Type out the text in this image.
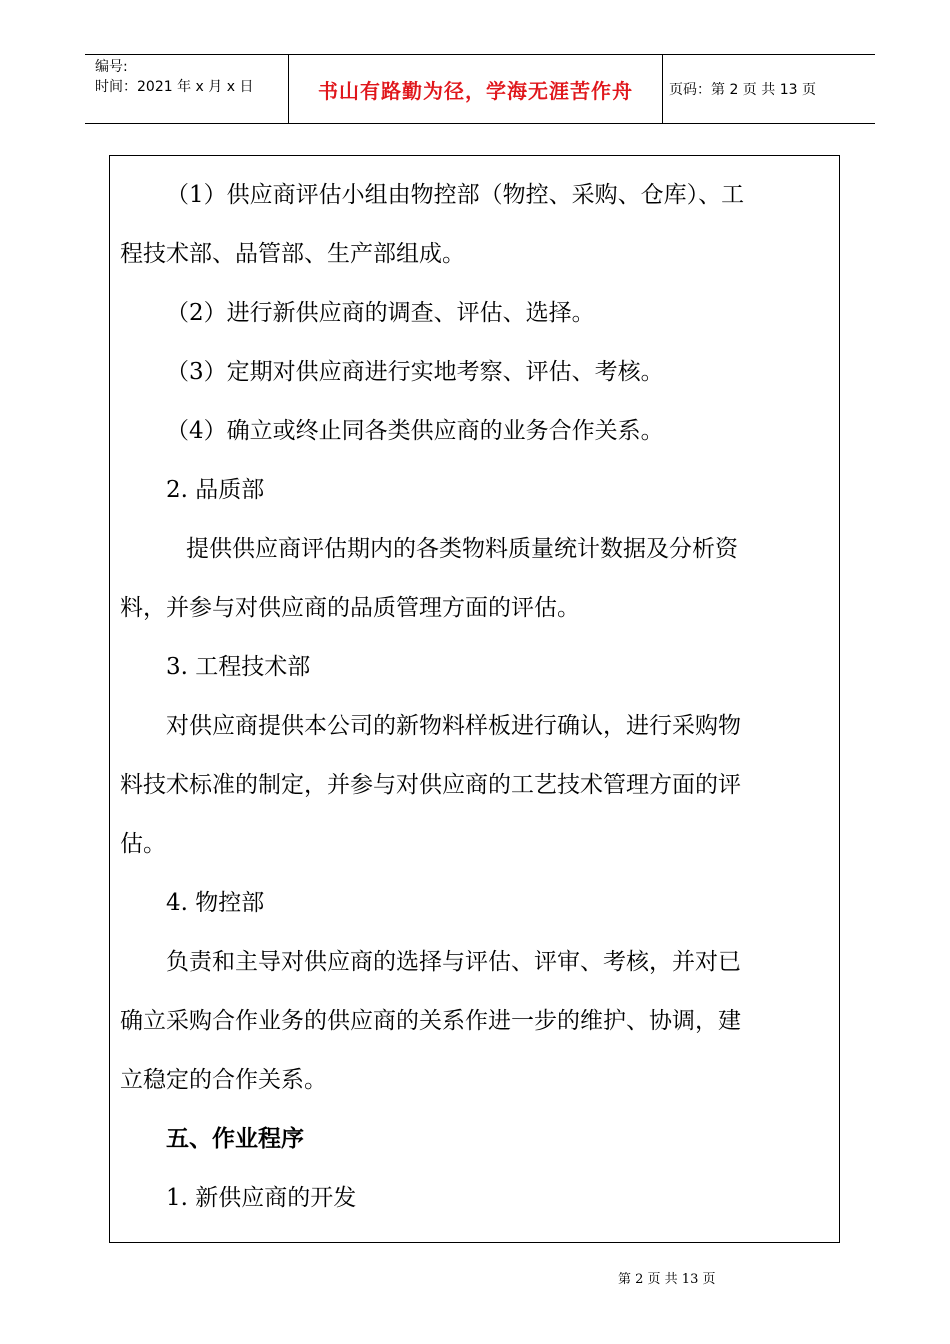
编号:
时间：2021 年 x 月 x 日	书山有路勤为径，学海无涯苦作舟	页码：第 2 页 共 13 页

（1）供应商评估小组由物控部（物控、采购、仓库）、工

程技术部、品管部、生产部组成。

（2）进行新供应商的调查、评估、选择。

（3）定期对供应商进行实地考察、评估、考核。

（4）确立或终止同各类供应商的业务合作关系。

2. 品质部

提供供应商评估期内的各类物料质量统计数据及分析资

料，并参与对供应商的品质管理方面的评估。

3. 工程技术部

对供应商提供本公司的新物料样板进行确认，进行采购物

料技术标准的制定，并参与对供应商的工艺技术管理方面的评

估。

4. 物控部

负责和主导对供应商的选择与评估、评审、考核，并对已

确立采购合作业务的供应商的关系作进一步的维护、协调，建

立稳定的合作关系。

五、作业程序

1. 新供应商的开发

第 2 页 共 13 页
